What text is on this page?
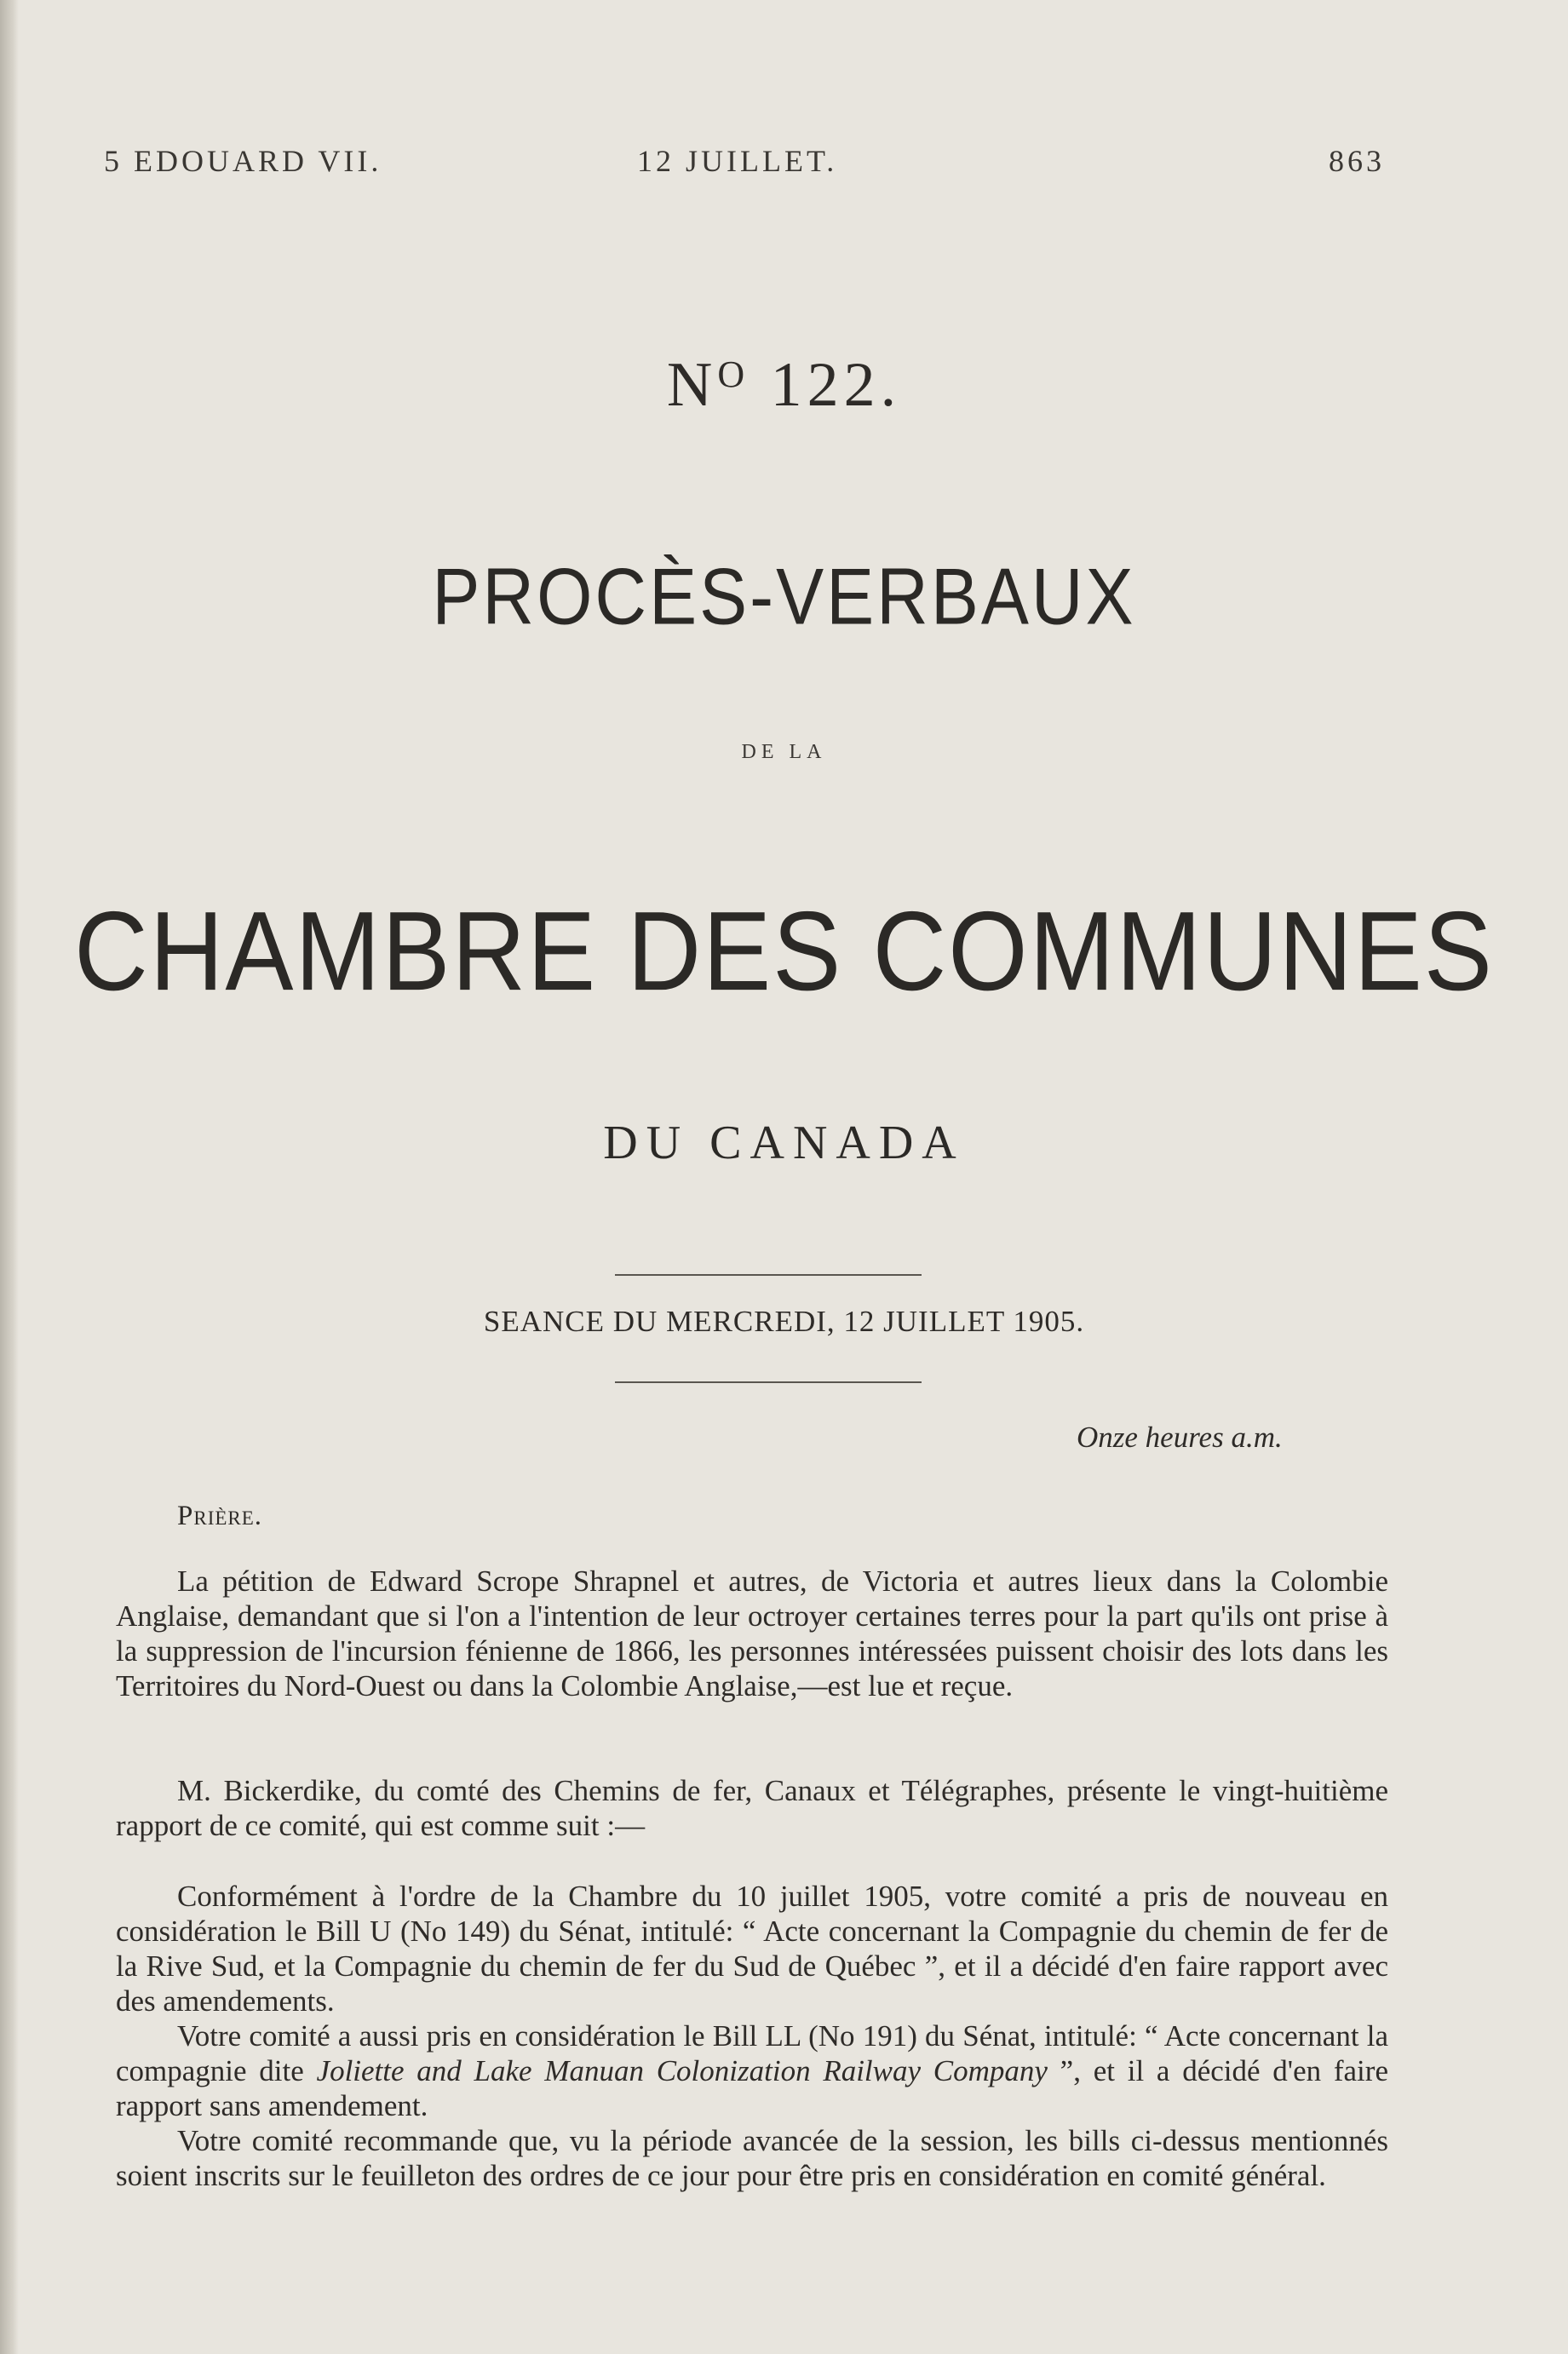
5 EDOUARD VII.	12 JUILLET.	863
$N^O$ 122.
PROCÈS-VERBAUX
DE LA
CHAMBRE DES COMMUNES
DU CANADA
SEANCE DU MERCREDI, 12 JUILLET 1905.
Onze heures a.m.
Prière.

La pétition de Edward Scrope Shrapnel et autres, de Victoria et autres lieux dans la Colombie Anglaise, demandant que si l'on a l'intention de leur octroyer certaines terres pour la part qu'ils ont prise à la suppression de l'incursion fénienne de 1866, les personnes intéressées puissent choisir des lots dans les Territoires du Nord-Ouest ou dans la Colombie Anglaise,—est lue et reçue.

M. Bickerdike, du comté des Chemins de fer, Canaux et Télégraphes, présente le vingt-huitième rapport de ce comité, qui est comme suit :—

Conformément à l'ordre de la Chambre du 10 juillet 1905, votre comité a pris de nouveau en considération le Bill U (No 149) du Sénat, intitulé: “ Acte concernant la Compagnie du chemin de fer de la Rive Sud, et la Compagnie du chemin de fer du Sud de Québec ”, et il a décidé d'en faire rapport avec des amendements.

Votre comité a aussi pris en considération le Bill LL (No 191) du Sénat, intitulé: “ Acte concernant la compagnie dite Joliette and Lake Manuan Colonization Railway Company ”, et il a décidé d'en faire rapport sans amendement.

Votre comité recommande que, vu la période avancée de la session, les bills ci-dessus mentionnés soient inscrits sur le feuilleton des ordres de ce jour pour être pris en considération en comité général.
